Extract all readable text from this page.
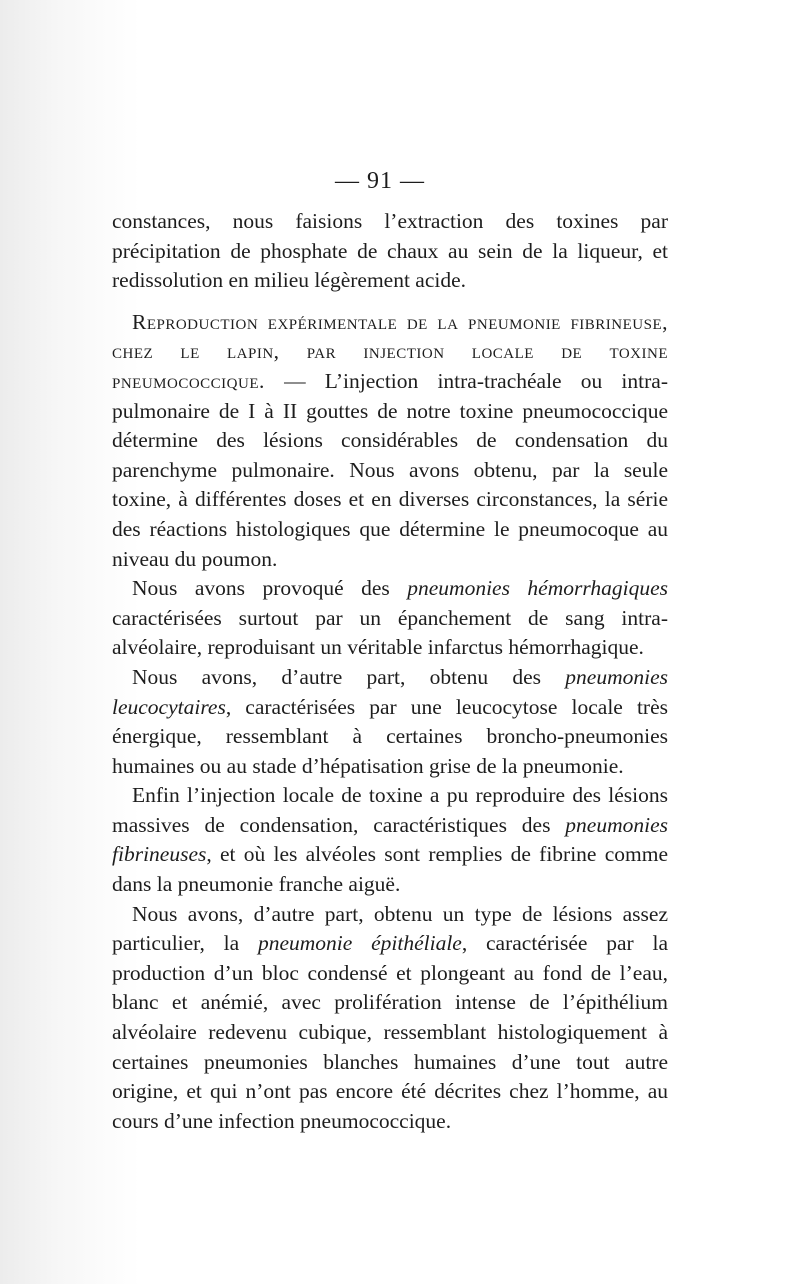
— 91 —

constances, nous faisions l’extraction des toxines par précipitation de phosphate de chaux au sein de la liqueur, et redissolution en milieu légèrement acide.

Reproduction expérimentale de la pneumonie fibrineuse, chez le lapin, par injection locale de toxine pneumococcique. — L’injection intra-trachéale ou intra-pulmonaire de I à II gouttes de notre toxine pneumococcique détermine des lésions considérables de condensation du parenchyme pulmonaire. Nous avons obtenu, par la seule toxine, à différentes doses et en diverses circonstances, la série des réactions histologiques que détermine le pneumocoque au niveau du poumon.

Nous avons provoqué des pneumonies hémorrhagiques caractérisées surtout par un épanchement de sang intra-alvéolaire, reproduisant un véritable infarctus hémorrhagique.

Nous avons, d’autre part, obtenu des pneumonies leucocytaires, caractérisées par une leucocytose locale très énergique, ressemblant à certaines broncho-pneumonies humaines ou au stade d’hépatisation grise de la pneumonie.

Enfin l’injection locale de toxine a pu reproduire des lésions massives de condensation, caractéristiques des pneumonies fibrineuses, et où les alvéoles sont remplies de fibrine comme dans la pneumonie franche aiguë.

Nous avons, d’autre part, obtenu un type de lésions assez particulier, la pneumonie épithéliale, caractérisée par la production d’un bloc condensé et plongeant au fond de l’eau, blanc et anémié, avec prolifération intense de l’épithélium alvéolaire redevenu cubique, ressemblant histologiquement à certaines pneumonies blanches humaines d’une tout autre origine, et qui n’ont pas encore été décrites chez l’homme, au cours d’une infection pneumococcique.
